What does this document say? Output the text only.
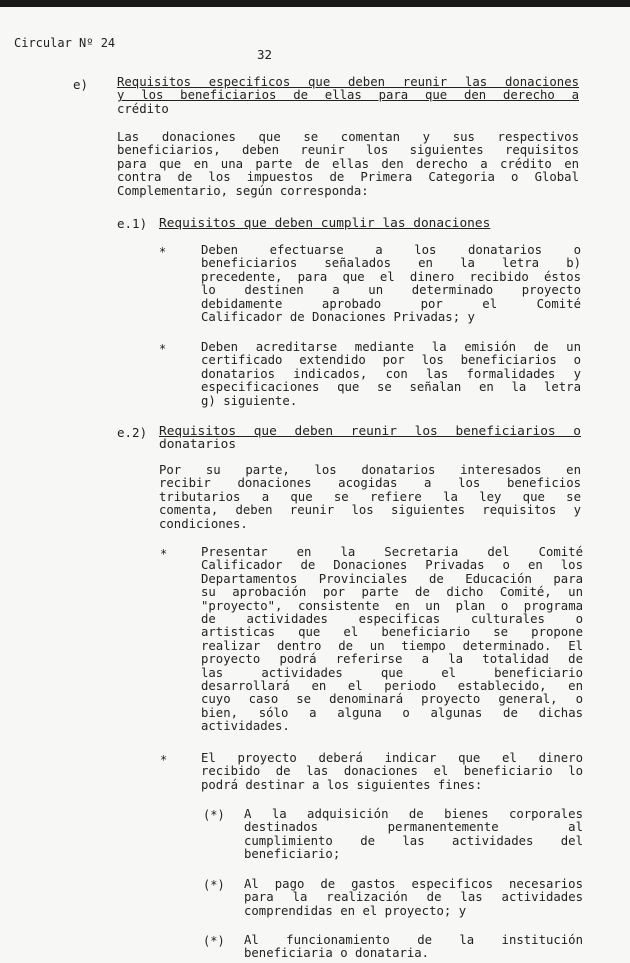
Circular Nº 24
32
e) Requisitos especificos que deben reunir las donaciones
y los beneficiarios de ellas para que den derecho a
crédito
Las donaciones que se comentan y sus respectivos
beneficiarios, deben reunir los siguientes requisitos
para que en una parte de ellas den derecho a crédito en
contra de los impuestos de Primera Categoria o Global
Complementario, según corresponda:
e.1) Requisitos que deben cumplir las donaciones
*	Deben efectuarse a los donatarios o
beneficiarios señalados en la letra b)
precedente, para que el dinero recibido éstos
lo destinen a un determinado proyecto
debidamente aprobado por el Comité
Calificador de Donaciones Privadas; y
*	Deben acreditarse mediante la emisión de un
certificado extendido por los beneficiarios o
donatarios indicados, con las formalidades y
especificaciones que se señalan en la letra
g) siguiente.
e.2) Requisitos que deben reunir los beneficiarios o
donatarios
Por su parte, los donatarios interesados en
recibir donaciones acogidas a los beneficios
tributarios a que se refiere la ley que se
comenta, deben reunir los siguientes requisitos y
condiciones.
*	Presentar en la Secretaria del Comité
Calificador de Donaciones Privadas o en los
Departamentos Provinciales de Educación para
su aprobación por parte de dicho Comité, un
"proyecto", consistente en un plan o programa
de actividades especificas culturales o
artisticas que el beneficiario se propone
realizar dentro de un tiempo determinado. El
proyecto podrá referirse a la totalidad de
las actividades que el beneficiario
desarrollará en el periodo establecido, en
cuyo caso se denominará proyecto general, o
bien, sólo a alguna o algunas de dichas
actividades.
*	El proyecto deberá indicar que el dinero
recibido de las donaciones el beneficiario lo
podrá destinar a los siguientes fines:
(*) A la adquisición de bienes corporales
destinados permanentemente al
cumplimiento de las actividades del
beneficiario;
(*) Al pago de gastos especificos necesarios
para la realización de las actividades
comprendidas en el proyecto; y
(*) Al funcionamiento de la institución
beneficiaria o donataria.
